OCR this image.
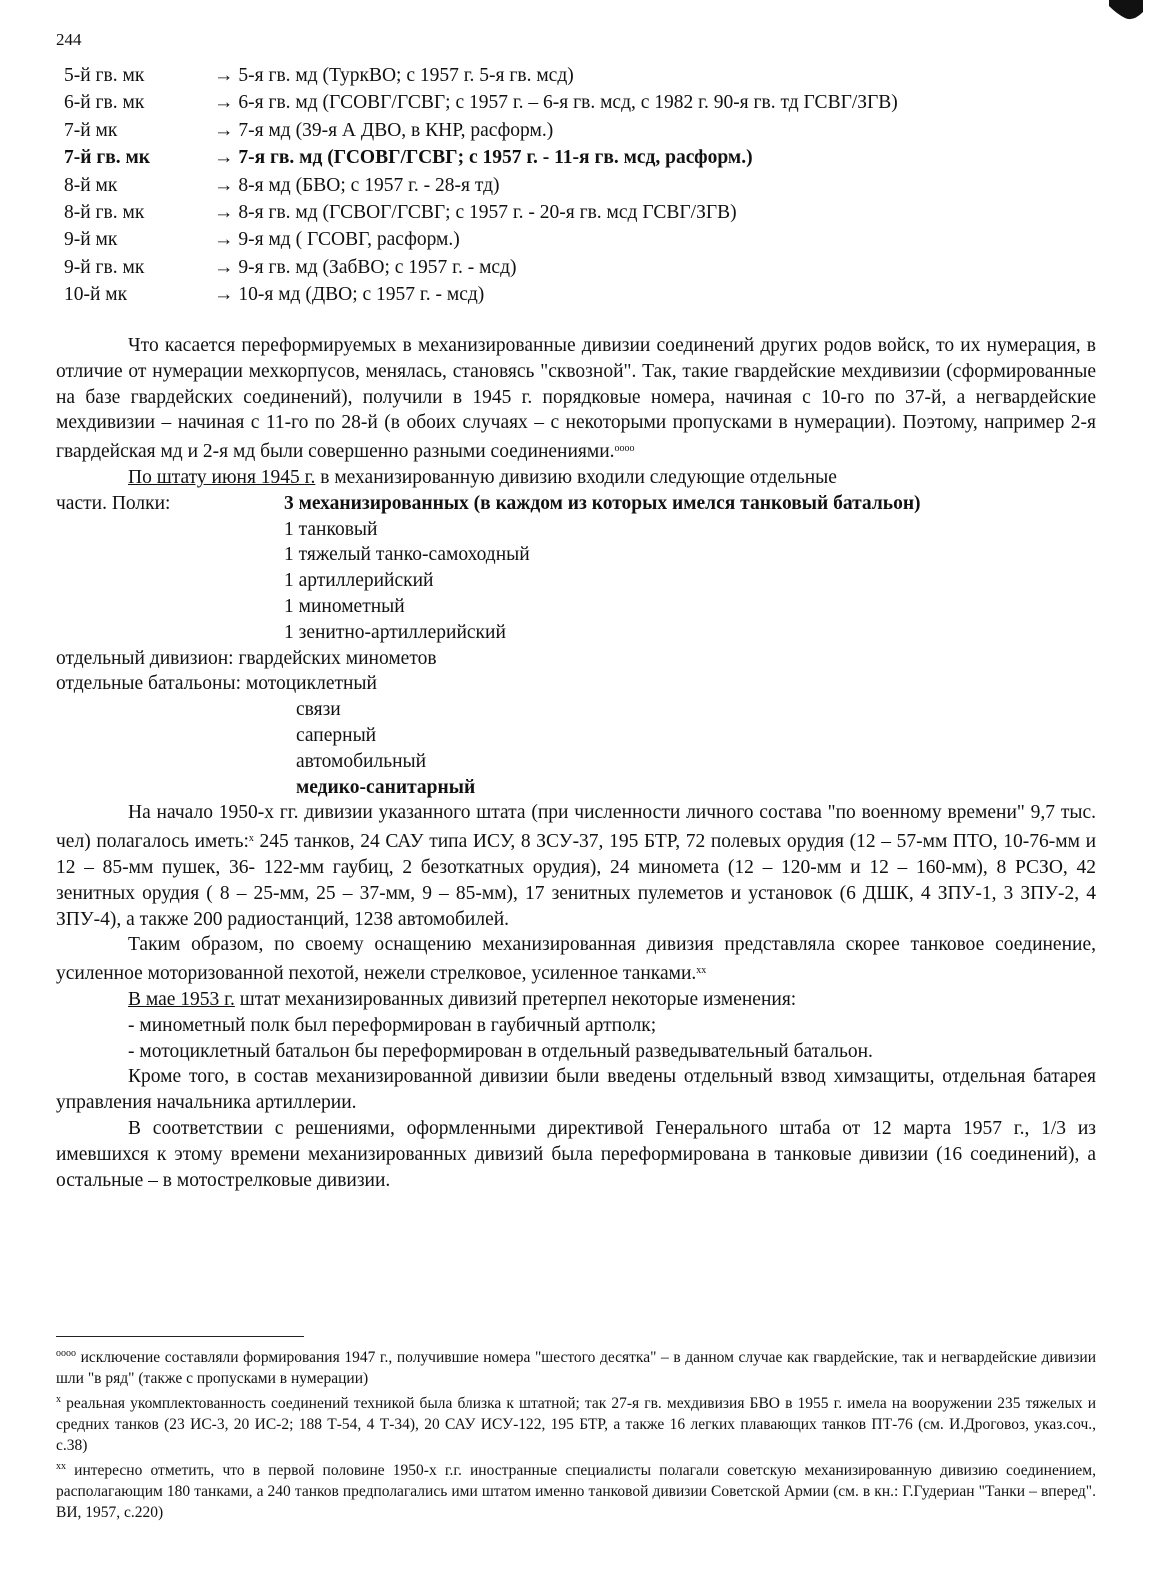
244
5-й гв. мк	→ 5-я гв. мд (ТуркВО; с 1957 г. 5-я гв. мсд)
6-й гв. мк	→ 6-я гв. мд (ГСОВГ/ГСВГ; с 1957 г. – 6-я гв. мсд, с 1982 г. 90-я гв. тд ГСВГ/ЗГВ)
7-й мк	→ 7-я мд (39-я А ДВО, в КНР, расформ.)
7-й гв. мк	→ 7-я гв. мд (ГСОВГ/ГСВГ; с 1957 г. - 11-я гв. мсд, расформ.)
8-й мк	→ 8-я мд (БВО; с 1957 г. - 28-я тд)
8-й гв. мк	→ 8-я гв. мд (ГСВОГ/ГСВГ; с 1957 г. - 20-я гв. мсд ГСВГ/ЗГВ)
9-й мк	→ 9-я мд ( ГСОВГ, расформ.)
9-й гв. мк	→ 9-я гв. мд (ЗабВО; с 1957 г. - мсд)
10-й мк	→ 10-я мд (ДВО; с 1957 г. - мсд)

Что касается переформируемых в механизированные дивизии соединений других родов войск, то их нумерация, в отличие от нумерации мехкорпусов, менялась, становясь "сквозной". Так, такие гвардейские мехдивизии (сформированные на базе гвардейских соединений), получили в 1945 г. порядковые номера, начиная с 10-го по 37-й, а негвардейские мехдивизии – начиная с 11-го по 28-й (в обоих случаях – с некоторыми пропусками в нумерации). Поэтому, например 2-я гвардейская мд и 2-я мд были совершенно разными соединениями.$^{оооо}$

По штату июня 1945 г. в механизированную дивизию входили следующие отдельные

части. Полки:	3 механизированных (в каждом из которых имелся танковый батальон)
1 танковый
1 тяжелый танко-самоходный
1 артиллерийский
1 минометный
1 зенитно-артиллерийский
отдельный дивизион: гвардейских минометов
отдельные батальоны: мотоциклетный
связи
саперный
автомобильный
медико-санитарный

На начало 1950-х гг. дивизии указанного штата (при численности личного состава "по военному времени" 9,7 тыс. чел) полагалось иметь:$^x$ 245 танков, 24 САУ типа ИСУ, 8 ЗСУ-37, 195 БТР, 72 полевых орудия (12 – 57-мм ПТО, 10-76-мм и 12 – 85-мм пушек, 36- 122-мм гаубиц, 2 безоткатных орудия), 24 миномета (12 – 120-мм и 12 – 160-мм), 8 РСЗО, 42 зенитных орудия ( 8 – 25-мм, 25 – 37-мм, 9 – 85-мм), 17 зенитных пулеметов и установок (6 ДШК, 4 ЗПУ-1, 3 ЗПУ-2, 4 ЗПУ-4), а также 200 радиостанций, 1238 автомобилей.

Таким образом, по своему оснащению механизированная дивизия представляла скорее танковое соединение, усиленное моторизованной пехотой, нежели стрелковое, усиленное танками.$^{xx}$

В мае 1953 г. штат механизированных дивизий претерпел некоторые изменения:

- минометный полк был переформирован в гаубичный артполк;

- мотоциклетный батальон бы переформирован в отдельный разведывательный батальон.

Кроме того, в состав механизированной дивизии были введены отдельный взвод химзащиты, отдельная батарея управления начальника артиллерии.

В соответствии с решениями, оформленными директивой Генерального штаба от 12 марта 1957 г., 1/3 из имевшихся к этому времени механизированных дивизий была переформирована в танковые дивизии (16 соединений), а остальные – в мотострелковые дивизии.

$^{оооо}$ исключение составляли формирования 1947 г., получившие номера "шестого десятка" – в данном случае как гвардейские, так и негвардейские дивизии шли "в ряд" (также с пропусками в нумерации)

$^x$ реальная укомплектованность соединений техникой была близка к штатной; так 27-я гв. мехдивизия БВО в 1955 г. имела на вооружении 235 тяжелых и средних танков (23 ИС-3, 20 ИС-2; 188 Т-54, 4 Т-34), 20 САУ ИСУ-122, 195 БТР, а также 16 легких плавающих танков ПТ-76 (см. И.Дроговоз, указ.соч., с.38)

$^{xx}$ интересно отметить, что в первой половине 1950-х г.г. иностранные специалисты полагали советскую механизированную дивизию соединением, располагающим 180 танками, а 240 танков предполагались ими штатом именно танковой дивизии Советской Армии (см. в кн.: Г.Гудериан "Танки – вперед". ВИ, 1957, с.220)
